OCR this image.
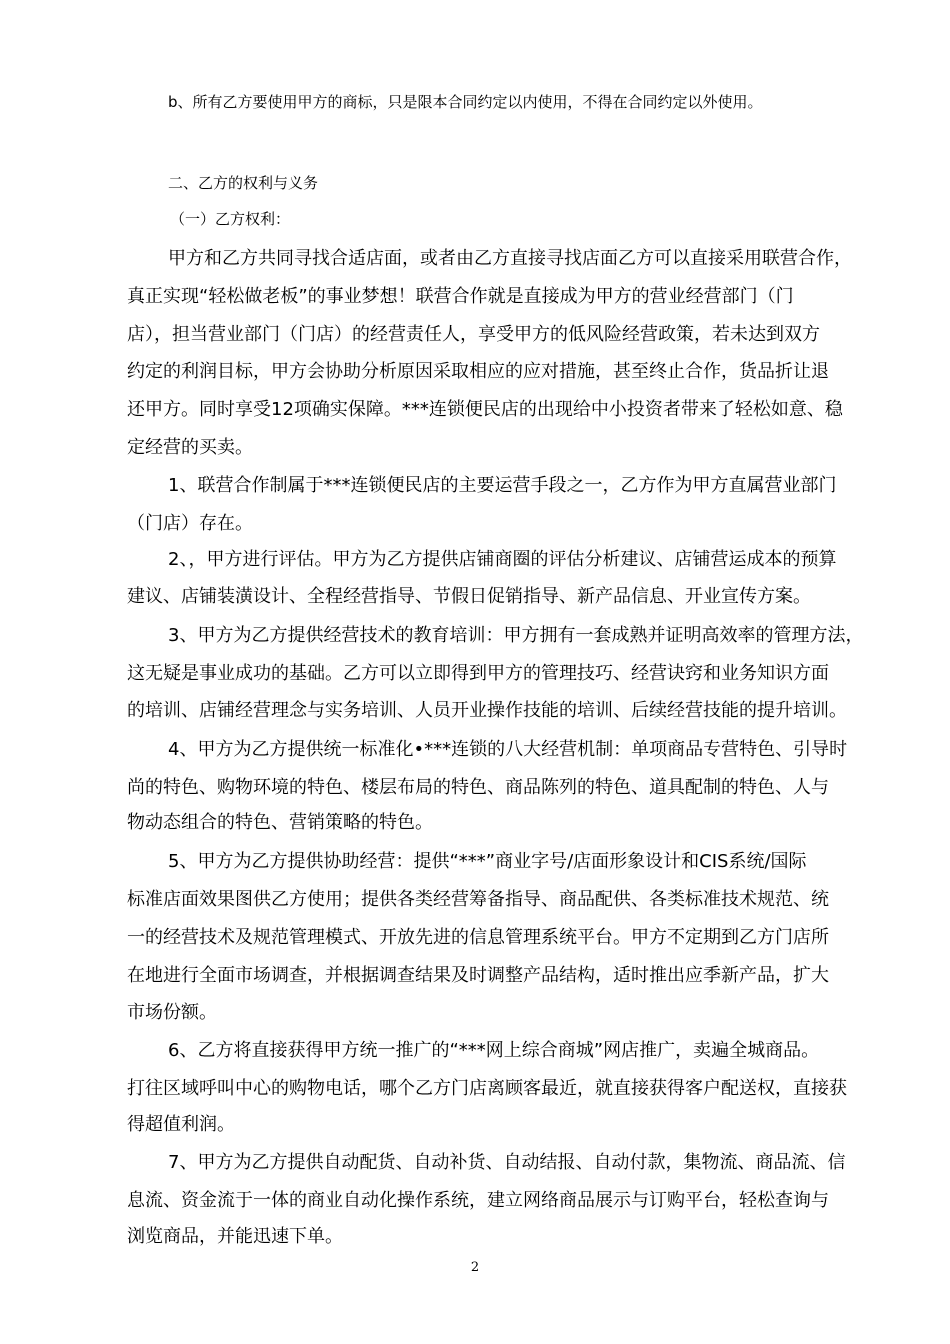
b、所有乙方要使用甲方的商标，只是限本合同约定以内使用，不得在合同约定以外使用。
二、乙方的权利与义务
（一）乙方权利：
甲方和乙方共同寻找合适店面，或者由乙方直接寻找店面乙方可以直接采用联营合作，
真正实现“轻松做老板”的事业梦想！联营合作就是直接成为甲方的营业经营部门（门
店），担当营业部门（门店）的经营责任人，享受甲方的低风险经营政策，若未达到双方
约定的利润目标，甲方会协助分析原因采取相应的应对措施，甚至终止合作，货品折让退
还甲方。同时享受12项确实保障。***连锁便民店的出现给中小投资者带来了轻松如意、稳
定经营的买卖。
1、联营合作制属于***连锁便民店的主要运营手段之一，乙方作为甲方直属营业部门
（门店）存在。
2、，甲方进行评估。甲方为乙方提供店铺商圈的评估分析建议、店铺营运成本的预算
建议、店铺装潢设计、全程经营指导、节假日促销指导、新产品信息、开业宣传方案。
3、甲方为乙方提供经营技术的教育培训：甲方拥有一套成熟并证明高效率的管理方法，
这无疑是事业成功的基础。乙方可以立即得到甲方的管理技巧、经营诀窍和业务知识方面
的培训、店铺经营理念与实务培训、人员开业操作技能的培训、后续经营技能的提升培训。
4、甲方为乙方提供统一标准化•***连锁的八大经营机制：单项商品专营特色、引导时
尚的特色、购物环境的特色、楼层布局的特色、商品陈列的特色、道具配制的特色、人与
物动态组合的特色、营销策略的特色。
5、甲方为乙方提供协助经营：提供“***”商业字号/店面形象设计和CIS系统/国际
标准店面效果图供乙方使用；提供各类经营筹备指导、商品配供、各类标准技术规范、统
一的经营技术及规范管理模式、开放先进的信息管理系统平台。甲方不定期到乙方门店所
在地进行全面市场调查，并根据调查结果及时调整产品结构，适时推出应季新产品，扩大
市场份额。
6、乙方将直接获得甲方统一推广的“***网上综合商城”网店推广，卖遍全城商品。
打往区域呼叫中心的购物电话，哪个乙方门店离顾客最近，就直接获得客户配送权，直接获
得超值利润。
7、甲方为乙方提供自动配货、自动补货、自动结报、自动付款，集物流、商品流、信
息流、资金流于一体的商业自动化操作系统，建立网络商品展示与订购平台，轻松查询与
浏览商品，并能迅速下单。
2
